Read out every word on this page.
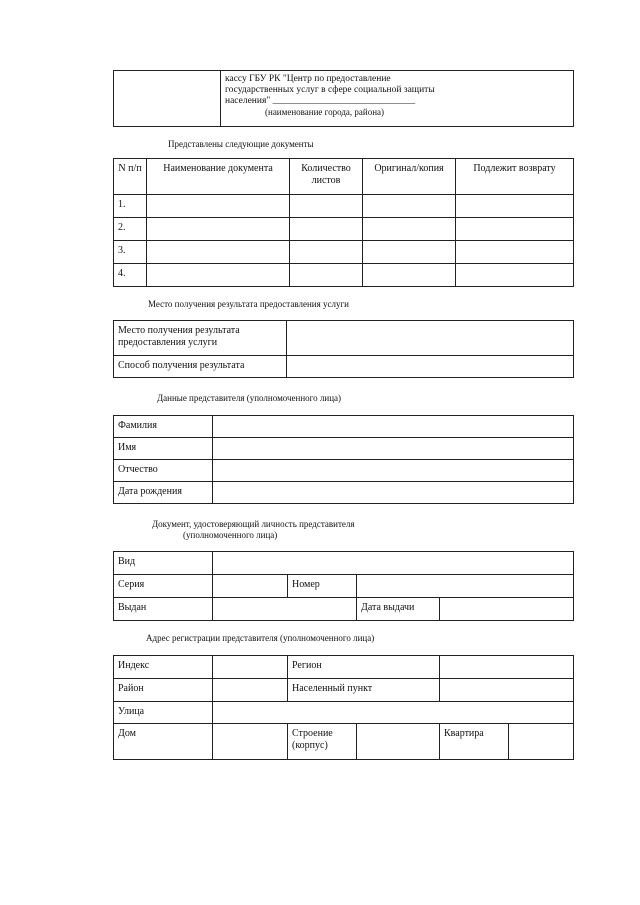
кассу ГБУ РК "Центр по предоставление
государственных услуг в сфере социальной защиты
населения" ______________________________
(наименование города, района)
Представлены следующие документы
N п/п	Наименование документа	Количество листов	Оригинал/копия	Подлежит возврату
1.				
2.				
3.				
4.				
Место получения результата предоставления услуги
Место получения результата предоставления услуги	
Способ получения результата	
Данные представителя (уполномоченного лица)
Фамилия	
Имя	
Отчество	
Дата рождения	
Документ, удостоверяющий личность представителя
(уполномоченного лица)
Вид				
Серия		Номер		
Выдан			Дата выдачи	
Адрес регистрации представителя (уполномоченного лица)
Индекс		Регион			
Район		Населенный пункт			
Улица					
Дом		Строение (корпус)		Квартира	
